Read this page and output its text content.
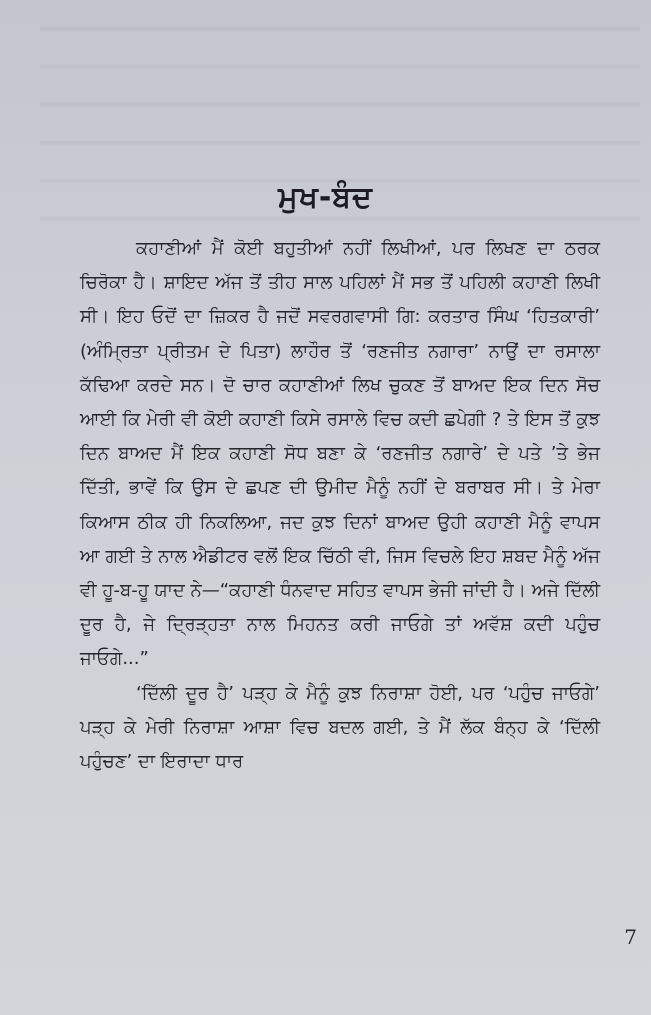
ਮੁਖ-ਬੰਦ

ਕਹਾਣੀਆਂ ਮੈਂ ਕੋਈ ਬਹੁਤੀਆਂ ਨਹੀਂ ਲਿਖੀਆਂ, ਪਰ ਲਿਖਣ ਦਾ ਠਰਕ ਚਿਰੋਕਾ ਹੈ। ਸ਼ਾਇਦ ਅੱਜ ਤੋਂ ਤੀਹ ਸਾਲ ਪਹਿਲਾਂ ਮੈਂ ਸਭ ਤੋਂ ਪਹਿਲੀ ਕਹਾਣੀ ਲਿਖੀ ਸੀ। ਇਹ ਓਦੋਂ ਦਾ ਜ਼ਿਕਰ ਹੈ ਜਦੋਂ ਸਵਰਗਵਾਸੀ ਗਿ: ਕਰਤਾਰ ਸਿੰਘ ‘ਹਿਤਕਾਰੀ’ (ਅੰਮ੍ਰਿਤਾ ਪ੍ਰੀਤਮ ਦੇ ਪਿਤਾ) ਲਾਹੌਰ ਤੋਂ ‘ਰਣਜੀਤ ਨਗਾਰਾ’ ਨਾਉਂ ਦਾ ਰਸਾਲਾ ਕੱਢਿਆ ਕਰਦੇ ਸਨ। ਦੋ ਚਾਰ ਕਹਾਣੀਆਂ ਲਿਖ ਚੁਕਣ ਤੋਂ ਬਾਅਦ ਇਕ ਦਿਨ ਸੋਚ ਆਈ ਕਿ ਮੇਰੀ ਵੀ ਕੋਈ ਕਹਾਣੀ ਕਿਸੇ ਰਸਾਲੇ ਵਿਚ ਕਦੀ ਛਪੇਗੀ ? ਤੇ ਇਸ ਤੋਂ ਕੁਝ ਦਿਨ ਬਾਅਦ ਮੈਂ ਇਕ ਕਹਾਣੀ ਸੋਧ ਬਣਾ ਕੇ ‘ਰਣਜੀਤ ਨਗਾਰੇ’ ਦੇ ਪਤੇ ’ਤੇ ਭੇਜ ਦਿੱਤੀ, ਭਾਵੇਂ ਕਿ ਉਸ ਦੇ ਛਪਣ ਦੀ ਉਮੀਦ ਮੈਨੂੰ ਨਹੀਂ ਦੇ ਬਰਾਬਰ ਸੀ। ਤੇ ਮੇਰਾ ਕਿਆਸ ਠੀਕ ਹੀ ਨਿਕਲਿਆ, ਜਦ ਕੁਝ ਦਿਨਾਂ ਬਾਅਦ ਉਹੀ ਕਹਾਣੀ ਮੈਨੂੰ ਵਾਪਸ ਆ ਗਈ ਤੇ ਨਾਲ ਐਡੀਟਰ ਵਲੋਂ ਇਕ ਚਿੱਠੀ ਵੀ, ਜਿਸ ਵਿਚਲੇ ਇਹ ਸ਼ਬਦ ਮੈਨੂੰ ਅੱਜ ਵੀ ਹੂ-ਬ-ਹੂ ਯਾਦ ਨੇ—“ਕਹਾਣੀ ਧੰਨਵਾਦ ਸਹਿਤ ਵਾਪਸ ਭੇਜੀ ਜਾਂਦੀ ਹੈ। ਅਜੇ ਦਿੱਲੀ ਦੂਰ ਹੈ, ਜੇ ਦ੍ਰਿੜ੍ਹਤਾ ਨਾਲ ਮਿਹਨਤ ਕਰੀ ਜਾਓਗੇ ਤਾਂ ਅਵੱਸ਼ ਕਦੀ ਪਹੁੰਚ ਜਾਓਗੇ...”

‘ਦਿੱਲੀ ਦੂਰ ਹੈ’ ਪੜ੍ਹ ਕੇ ਮੈਨੂੰ ਕੁਝ ਨਿਰਾਸ਼ਾ ਹੋਈ, ਪਰ ‘ਪਹੁੰਚ ਜਾਓਗੇ’ ਪੜ੍ਹ ਕੇ ਮੇਰੀ ਨਿਰਾਸ਼ਾ ਆਸ਼ਾ ਵਿਚ ਬਦਲ ਗਈ, ਤੇ ਮੈਂ ਲੱਕ ਬੰਨ੍ਹ ਕੇ ‘ਦਿੱਲੀ ਪਹੁੰਚਣ’ ਦਾ ਇਰਾਦਾ ਧਾਰ

7
